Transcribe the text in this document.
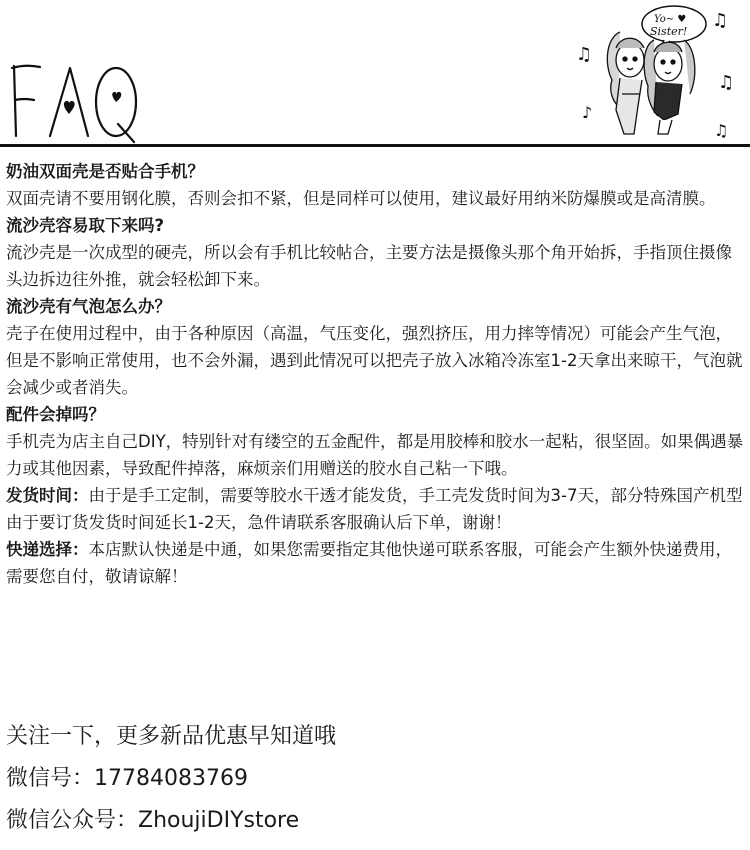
Yo~ ♥
Sister!
♫
♫
♫
♪
♫

奶油双面壳是否贴合手机？

双面壳请不要用钢化膜，否则会扣不紧，但是同样可以使用，建议最好用纳米防爆膜或是高清膜。

流沙壳容易取下来吗?

流沙壳是一次成型的硬壳，所以会有手机比较帖合，主要方法是摄像头那个角开始拆，手指顶住摄像头边拆边往外推，就会轻松卸下来。

流沙壳有气泡怎么办？

壳子在使用过程中，由于各种原因（高温，气压变化，强烈挤压，用力摔等情况）可能会产生气泡，但是不影响正常使用，也不会外漏，遇到此情况可以把壳子放入冰箱冷冻室1-2天拿出来晾干，气泡就会减少或者消失。

配件会掉吗？

手机壳为店主自己DIY，特别针对有缕空的五金配件，都是用胶棒和胶水一起粘，很坚固。如果偶遇暴力或其他因素，导致配件掉落，麻烦亲们用赠送的胶水自己粘一下哦。

发货时间：由于是手工定制，需要等胶水干透才能发货，手工壳发货时间为3-7天，部分特殊国产机型由于要订货发货时间延长1-2天，急件请联系客服确认后下单，谢谢！

快递选择：本店默认快递是中通，如果您需要指定其他快递可联系客服，可能会产生额外快递费用，需要您自付，敬请谅解！

关注一下，更多新品优惠早知道哦

微信号：17784083769

微信公众号：ZhoujiDIYstore
